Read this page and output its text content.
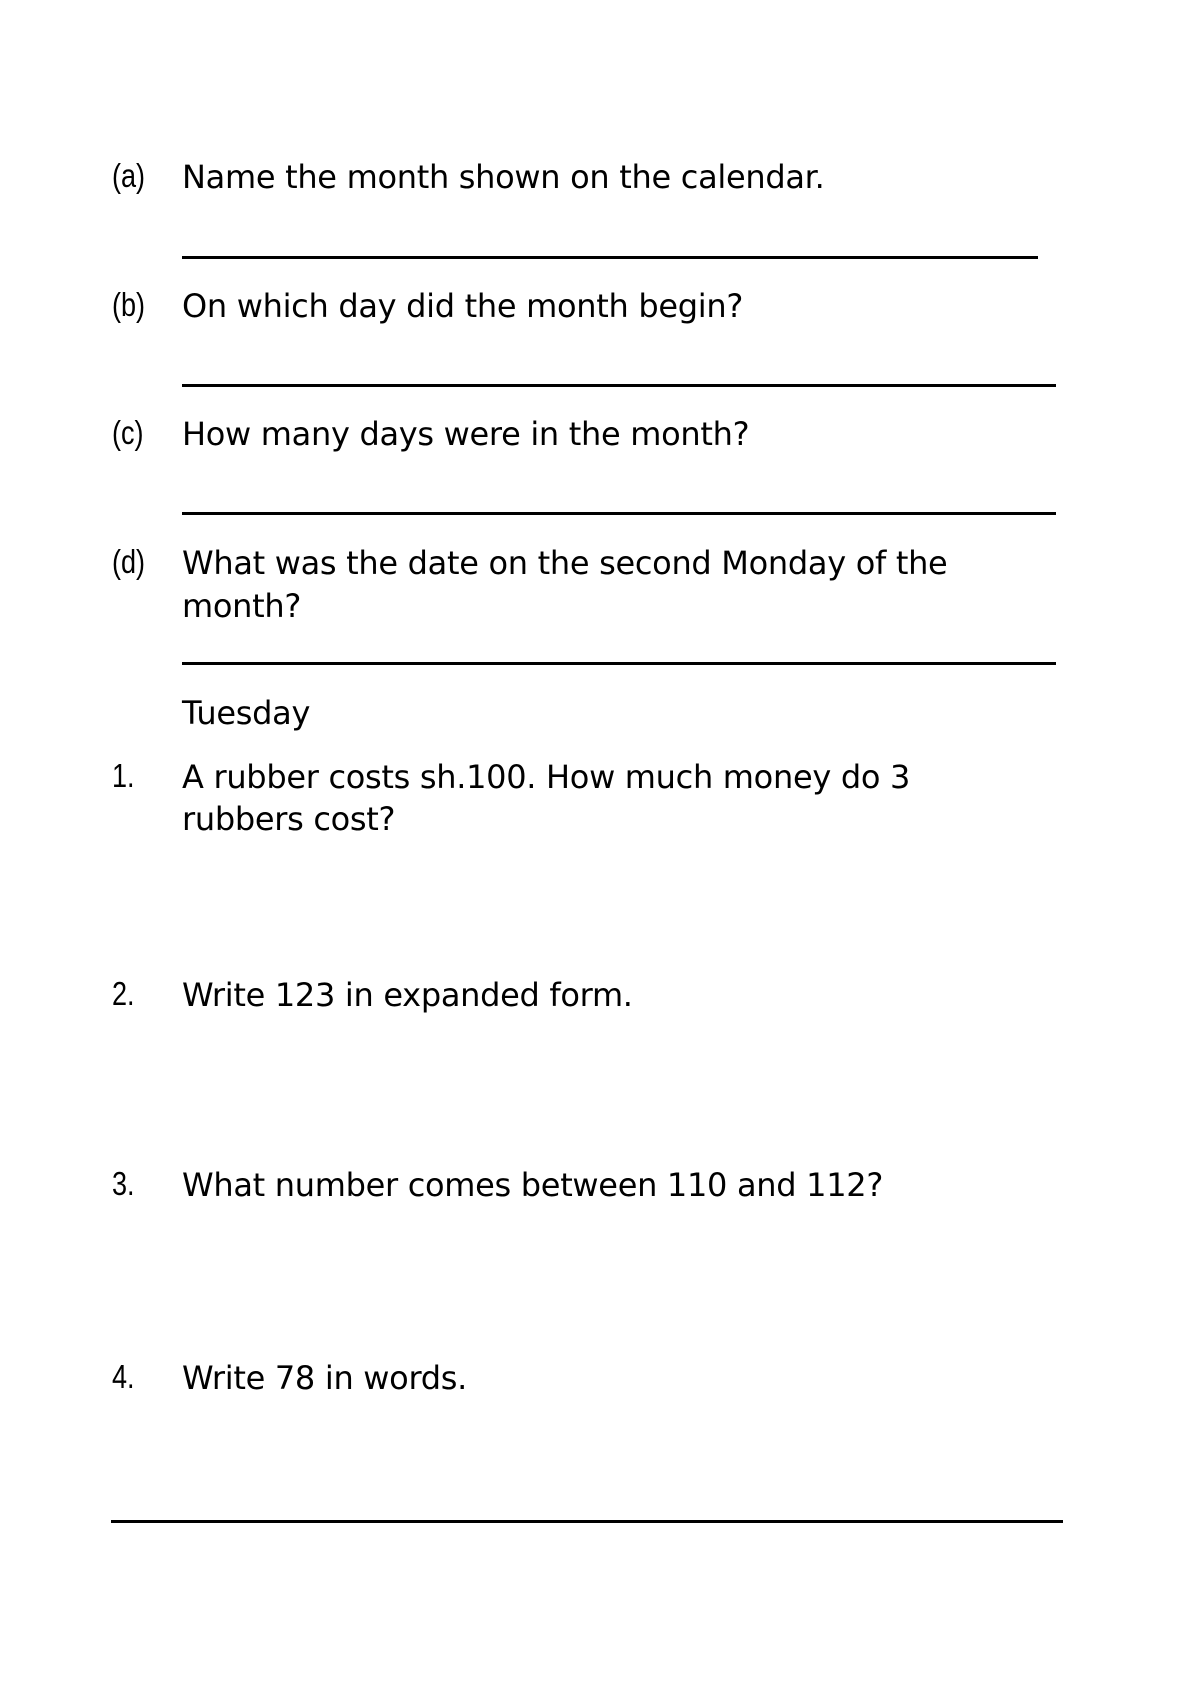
(a) Name the month shown on the calendar.
(b) On which day did the month begin?
(c) How many days were in the month?
(d) What was the date on the second Monday of the
month?
Tuesday
1. A rubber costs sh.100. How much money do 3
rubbers cost?
2. Write 123 in expanded form.
3. What number comes between 110 and 112?
4. Write 78 in words.
